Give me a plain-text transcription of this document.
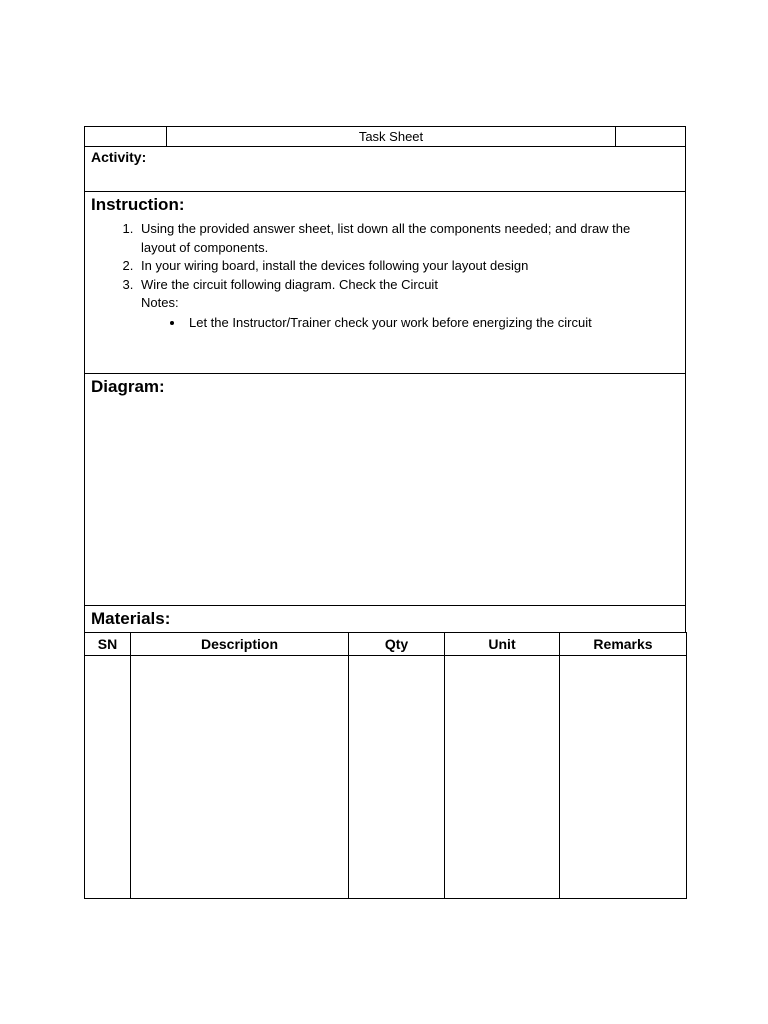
Task Sheet
Activity:
Instruction:
1. Using the provided answer sheet, list down all the components needed; and draw the layout of components.
2. In your wiring board, install the devices following your layout design
3. Wire the circuit following diagram. Check the Circuit
Notes:
• Let the Instructor/Trainer check your work before energizing the circuit
Diagram:
Materials:
SN	Description	Qty	Unit	Remarks
